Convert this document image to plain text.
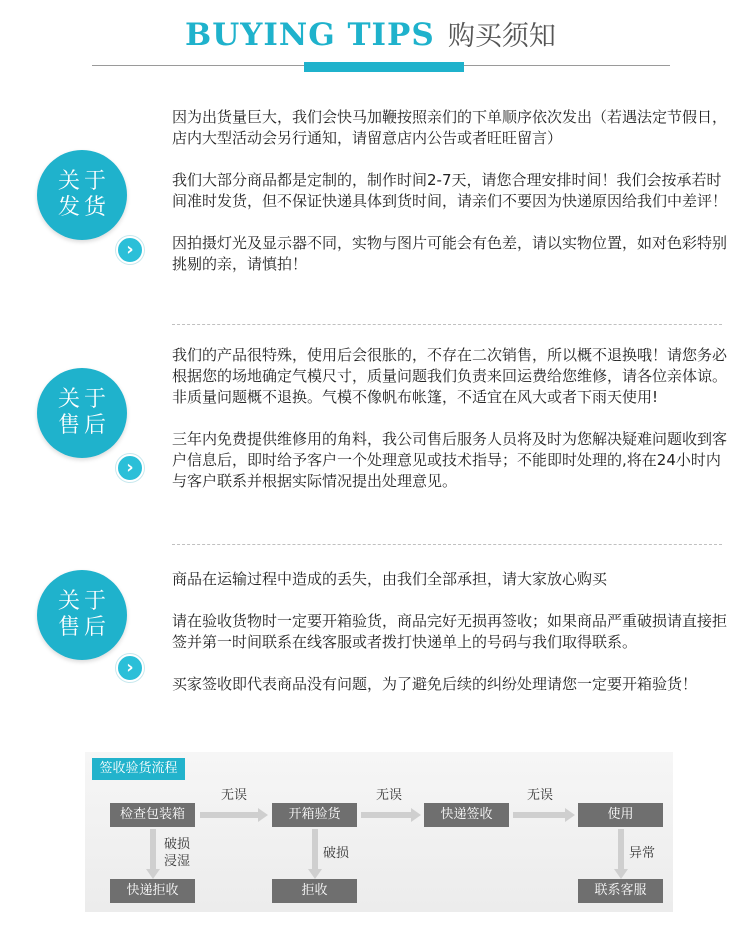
BUYING TIPS 购买须知
关于
发货
›

因为出货量巨大，我们会快马加鞭按照亲们的下单顺序依次发出（若遇法定节假日，店内大型活动会另行通知，请留意店内公告或者旺旺留言）

我们大部分商品都是定制的，制作时间2-7天，请您合理安排时间！我们会按承若时间准时发货，但不保证快递具体到货时间，请亲们不要因为快递原因给我们中差评！

因拍摄灯光及显示器不同，实物与图片可能会有色差，请以实物位置，如对色彩特别挑剔的亲，请慎拍！

关于
售后
›

我们的产品很特殊，使用后会很胀的，不存在二次销售，所以概不退换哦！请您务必根据您的场地确定气模尺寸，质量问题我们负责来回运费给您维修，请各位亲体谅。非质量问题概不退换。气模不像帆布帐篷，不适宜在风大或者下雨天使用!

三年内免费提供维修用的角料，我公司售后服务人员将及时为您解决疑难问题收到客户信息后，即时给予客户一个处理意见或技术指导；不能即时处理的,将在24小时内与客户联系并根据实际情况提出处理意见。

关于
售后
›

商品在运输过程中造成的丢失，由我们全部承担，请大家放心购买

请在验收货物时一定要开箱验货，商品完好无损再签收；如果商品严重破损请直接拒签并第一时间联系在线客服或者拨打快递单上的号码与我们取得联系。

买家签收即代表商品没有问题，为了避免后续的纠纷处理请您一定要开箱验货！

签收验货流程
检查包装箱	开箱验货	快递签收	使用
无误	无误	无误
破损
浸湿
破损	异常
快递拒收	拒收	联系客服
